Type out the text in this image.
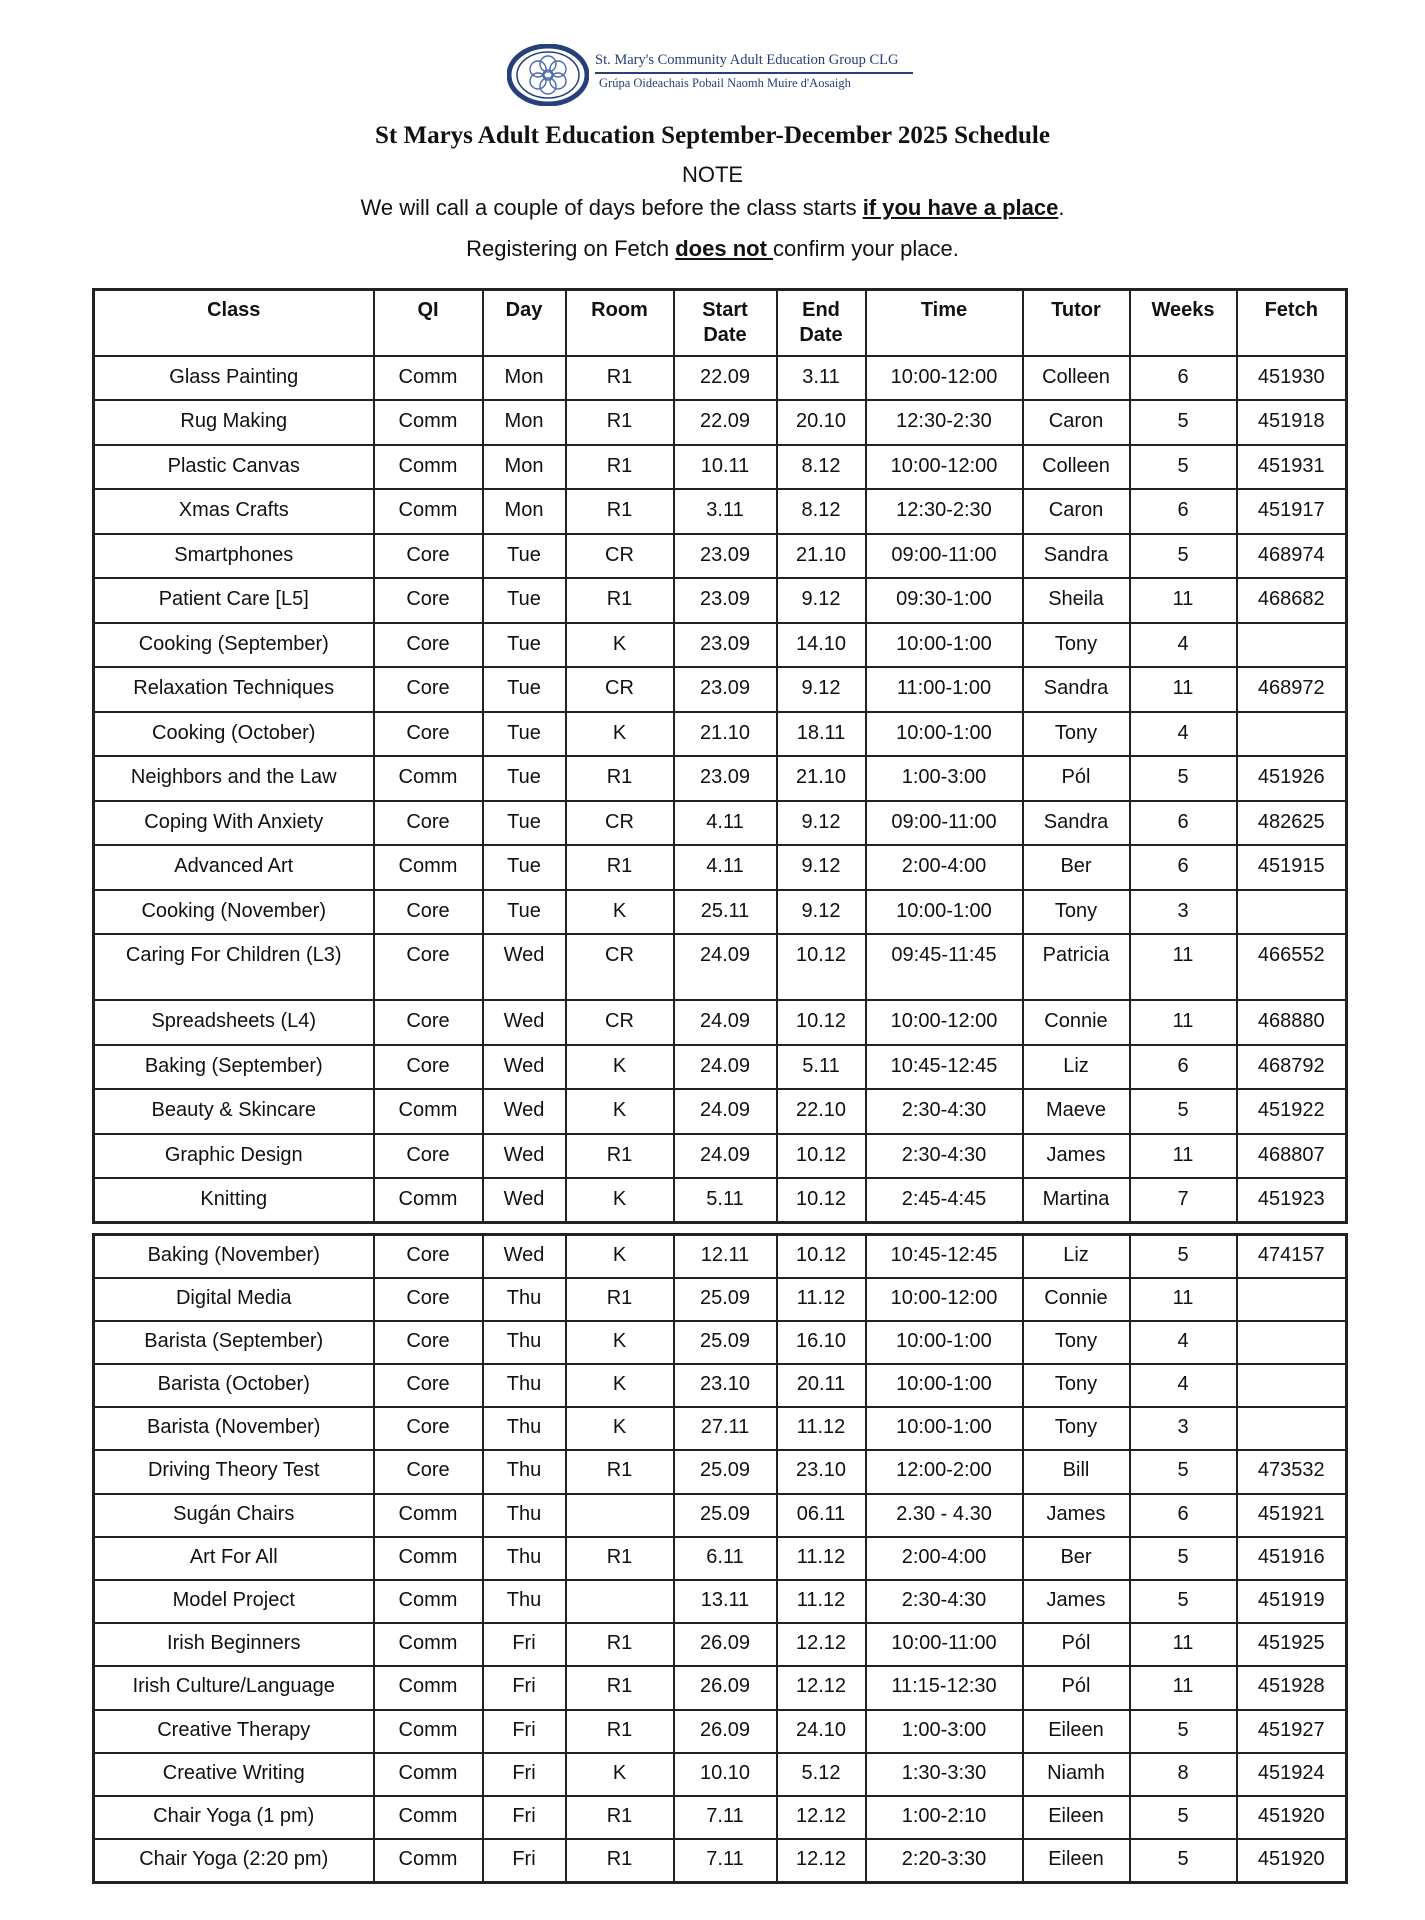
St. Mary's Community Adult Education Group CLG
Grúpa Oideachais Pobail Naomh Muire d'Aosaigh
St Marys Adult Education September-December 2025 Schedule
NOTE
We will call a couple of days before the class starts if you have a place.
Registering on Fetch does not confirm your place.
Class	QI	Day	Room	Start Date	End Date	Time	Tutor	Weeks	Fetch
Glass Painting	Comm	Mon	R1	22.09	3.11	10:00-12:00	Colleen	6	451930
Rug Making	Comm	Mon	R1	22.09	20.10	12:30-2:30	Caron	5	451918
Plastic Canvas	Comm	Mon	R1	10.11	8.12	10:00-12:00	Colleen	5	451931
Xmas Crafts	Comm	Mon	R1	3.11	8.12	12:30-2:30	Caron	6	451917
Smartphones	Core	Tue	CR	23.09	21.10	09:00-11:00	Sandra	5	468974
Patient Care [L5]	Core	Tue	R1	23.09	9.12	09:30-1:00	Sheila	11	468682
Cooking (September)	Core	Tue	K	23.09	14.10	10:00-1:00	Tony	4	
Relaxation Techniques	Core	Tue	CR	23.09	9.12	11:00-1:00	Sandra	11	468972
Cooking (October)	Core	Tue	K	21.10	18.11	10:00-1:00	Tony	4	
Neighbors and the Law	Comm	Tue	R1	23.09	21.10	1:00-3:00	Pól	5	451926
Coping With Anxiety	Core	Tue	CR	4.11	9.12	09:00-11:00	Sandra	6	482625
Advanced Art	Comm	Tue	R1	4.11	9.12	2:00-4:00	Ber	6	451915
Cooking (November)	Core	Tue	K	25.11	9.12	10:00-1:00	Tony	3	
Caring For Children (L3)	Core	Wed	CR	24.09	10.12	09:45-11:45	Patricia	11	466552
Spreadsheets (L4)	Core	Wed	CR	24.09	10.12	10:00-12:00	Connie	11	468880
Baking (September)	Core	Wed	K	24.09	5.11	10:45-12:45	Liz	6	468792
Beauty & Skincare	Comm	Wed	K	24.09	22.10	2:30-4:30	Maeve	5	451922
Graphic Design	Core	Wed	R1	24.09	10.12	2:30-4:30	James	11	468807
Knitting	Comm	Wed	K	5.11	10.12	2:45-4:45	Martina	7	451923
Baking (November)	Core	Wed	K	12.11	10.12	10:45-12:45	Liz	5	474157
Digital Media	Core	Thu	R1	25.09	11.12	10:00-12:00	Connie	11	
Barista (September)	Core	Thu	K	25.09	16.10	10:00-1:00	Tony	4	
Barista (October)	Core	Thu	K	23.10	20.11	10:00-1:00	Tony	4	
Barista (November)	Core	Thu	K	27.11	11.12	10:00-1:00	Tony	3	
Driving Theory Test	Core	Thu	R1	25.09	23.10	12:00-2:00	Bill	5	473532
Sugán Chairs	Comm	Thu		25.09	06.11	2.30 - 4.30	James	6	451921
Art For All	Comm	Thu	R1	6.11	11.12	2:00-4:00	Ber	5	451916
Model Project	Comm	Thu		13.11	11.12	2:30-4:30	James	5	451919
Irish Beginners	Comm	Fri	R1	26.09	12.12	10:00-11:00	Pól	11	451925
Irish Culture/Language	Comm	Fri	R1	26.09	12.12	11:15-12:30	Pól	11	451928
Creative Therapy	Comm	Fri	R1	26.09	24.10	1:00-3:00	Eileen	5	451927
Creative Writing	Comm	Fri	K	10.10	5.12	1:30-3:30	Niamh	8	451924
Chair Yoga (1 pm)	Comm	Fri	R1	7.11	12.12	1:00-2:10	Eileen	5	451920
Chair Yoga (2:20 pm)	Comm	Fri	R1	7.11	12.12	2:20-3:30	Eileen	5	451920
